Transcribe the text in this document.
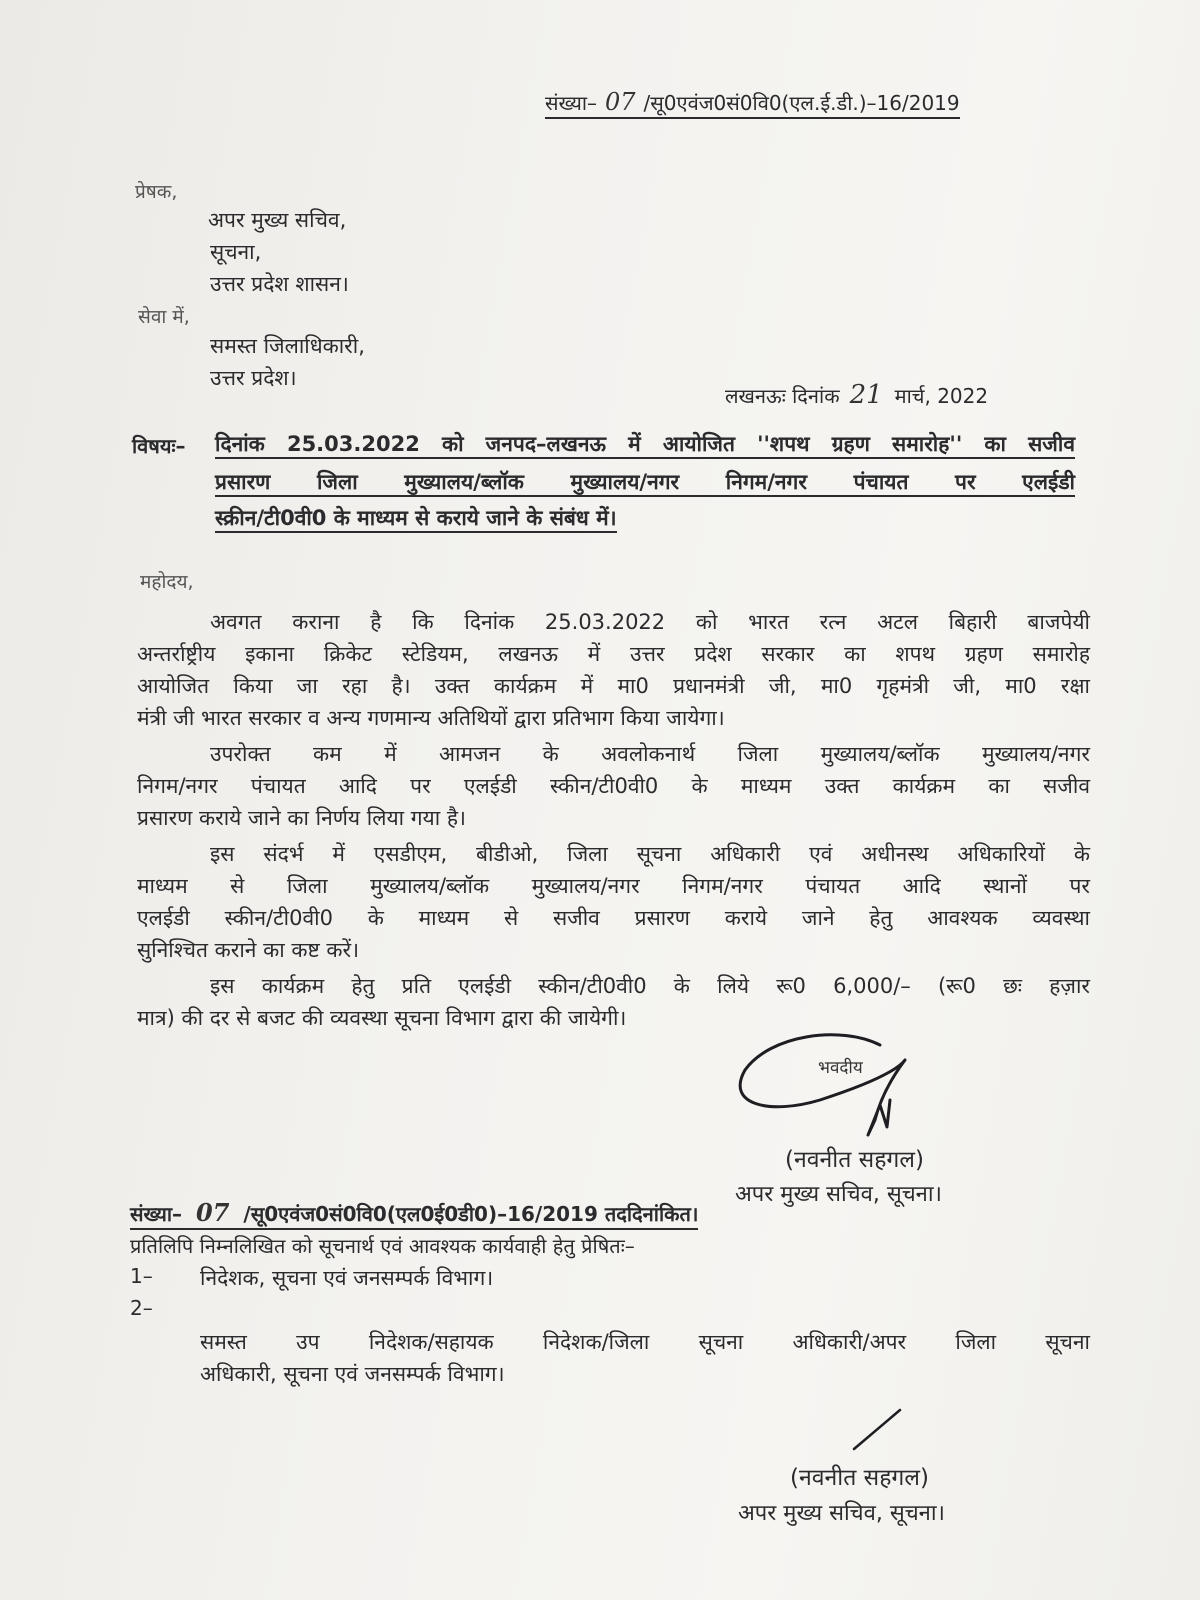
संख्या– 07 /सू0एवंज0सं0वि0(एल.ई.डी.)–16/2019
प्रेषक,
अपर मुख्य सचिव,
सूचना,
उत्तर प्रदेश शासन।
सेवा में,
समस्त जिलाधिकारी,
उत्तर प्रदेश।
लखनऊः दिनांक 21 मार्च, 2022
विषयः– दिनांक 25.03.2022 को जनपद–लखनऊ में आयोजित ''शपथ ग्रहण समारोह'' का सजीव
प्रसारण जिला मुख्यालय/ब्लॉक मुख्यालय/नगर निगम/नगर पंचायत पर एलईडी
स्क्रीन/टी0वी0 के माध्यम से कराये जाने के संबंध में।
महोदय,
अवगत कराना है कि दिनांक 25.03.2022 को भारत रत्न अटल बिहारी बाजपेयी
अन्तर्राष्ट्रीय इकाना क्रिकेट स्टेडियम, लखनऊ में उत्तर प्रदेश सरकार का शपथ ग्रहण समारोह
आयोजित किया जा रहा है। उक्त कार्यक्रम में मा0 प्रधानमंत्री जी, मा0 गृहमंत्री जी, मा0 रक्षा
मंत्री जी भारत सरकार व अन्य गणमान्य अतिथियों द्वारा प्रतिभाग किया जायेगा।
उपरोक्त कम में आमजन के अवलोकनार्थ जिला मुख्यालय/ब्लॉक मुख्यालय/नगर
निगम/नगर पंचायत आदि पर एलईडी स्कीन/टी0वी0 के माध्यम उक्त कार्यक्रम का सजीव
प्रसारण कराये जाने का निर्णय लिया गया है।
इस संदर्भ में एसडीएम, बीडीओ, जिला सूचना अधिकारी एवं अधीनस्थ अधिकारियों के
माध्यम से जिला मुख्यालय/ब्लॉक मुख्यालय/नगर निगम/नगर पंचायत आदि स्थानों पर
एलईडी स्कीन/टी0वी0 के माध्यम से सजीव प्रसारण कराये जाने हेतु आवश्यक व्यवस्था
सुनिश्चित कराने का कष्ट करें।
इस कार्यक्रम हेतु प्रति एलईडी स्कीन/टी0वी0 के लिये रू0 6,000/– (रू0 छः हज़ार
मात्र) की दर से बजट की व्यवस्था सूचना विभाग द्वारा की जायेगी।
भवदीय
(नवनीत सहगल)
अपर मुख्य सचिव, सूचना।
संख्या– 07 /सू0एवंज0सं0वि0(एल0ई0डी0)–16/2019 तददिनांकित।
प्रतिलिपि निम्नलिखित को सूचनार्थ एवं आवश्यक कार्यवाही हेतु प्रेषितः–
1– निदेशक, सूचना एवं जनसम्पर्क विभाग।
2–
समस्त उप निदेशक/सहायक निदेशक/जिला सूचना अधिकारी/अपर जिला सूचना
अधिकारी, सूचना एवं जनसम्पर्क विभाग।
(नवनीत सहगल)
अपर मुख्य सचिव, सूचना।
